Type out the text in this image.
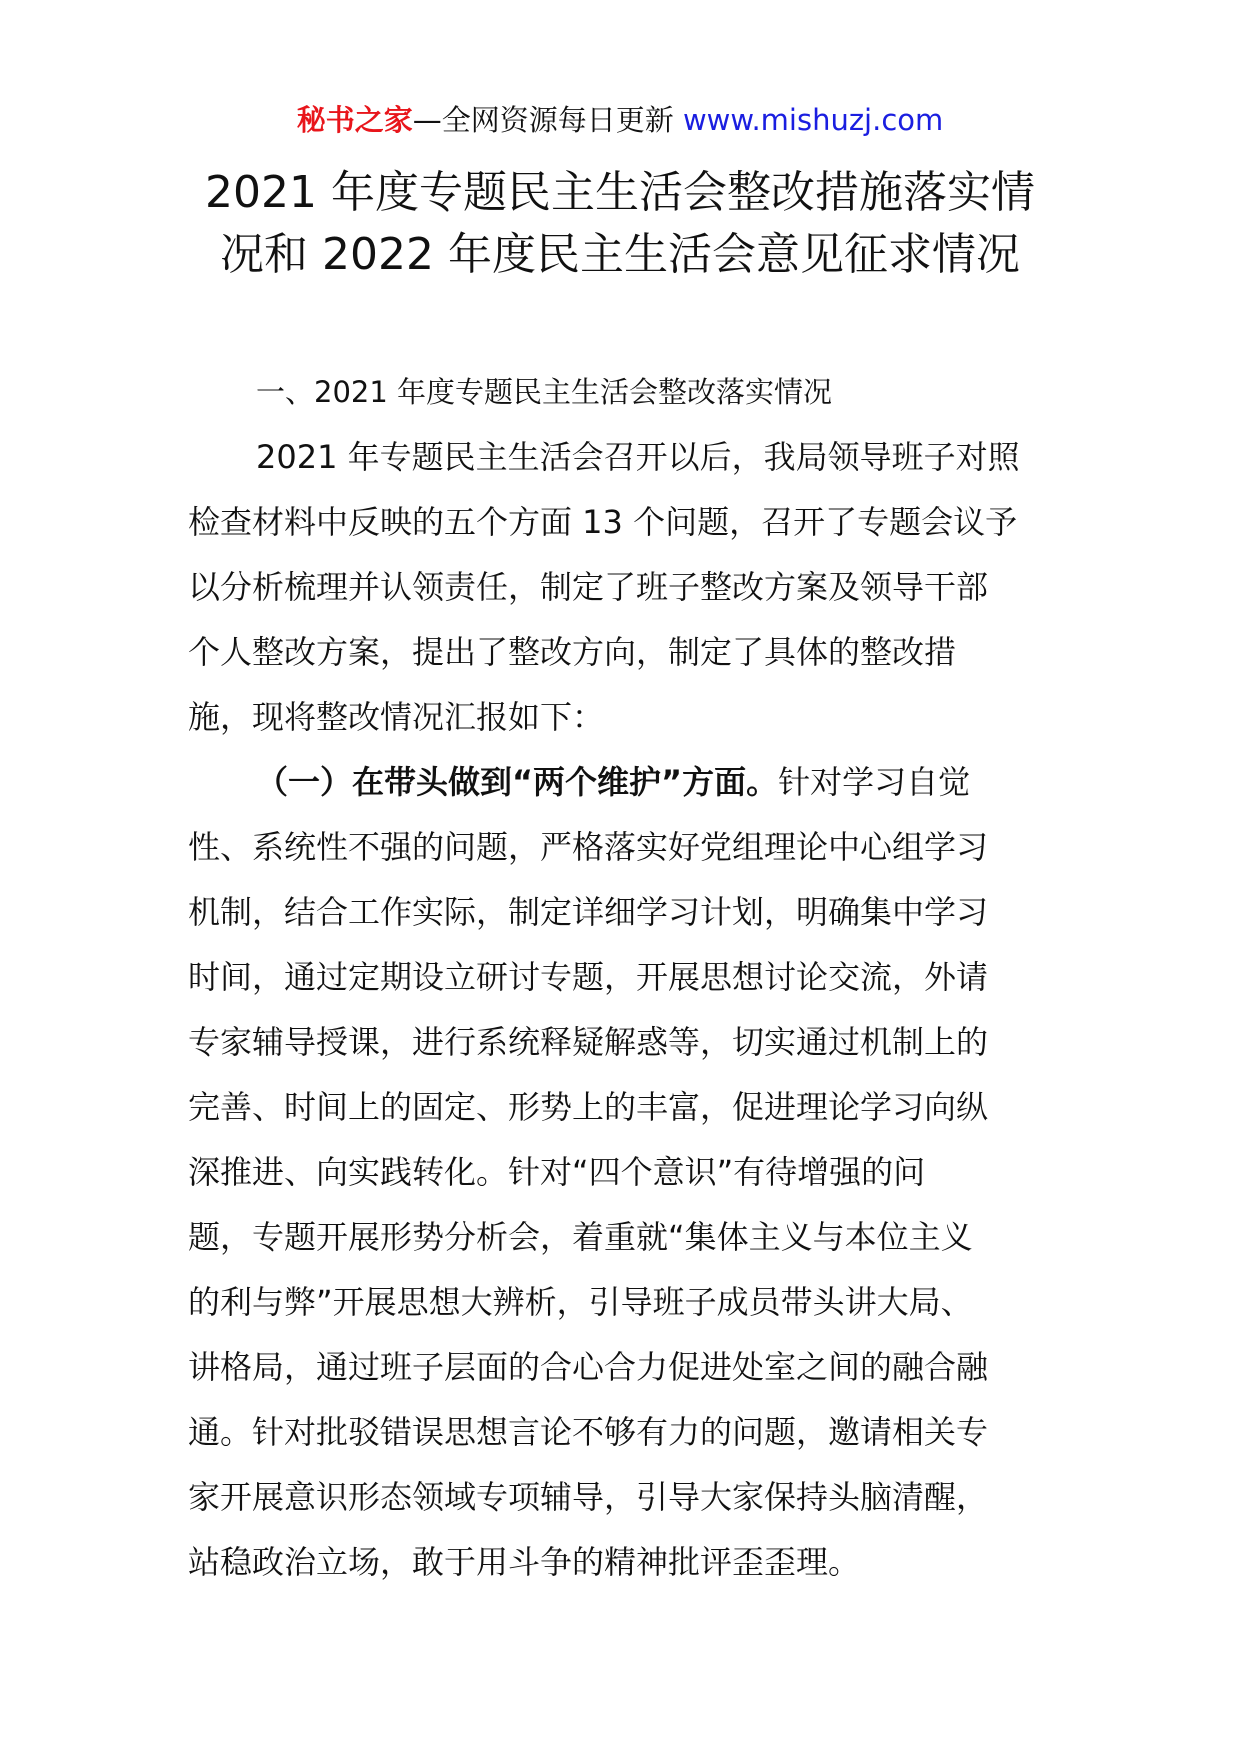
秘书之家—全网资源每日更新 www.mishuzj.com
2021 年度专题民主生活会整改措施落实情
况和 2022 年度民主生活会意见征求情况
一、2021 年度专题民主生活会整改落实情况
2021 年专题民主生活会召开以后，我局领导班子对照
检查材料中反映的五个方面 13 个问题，召开了专题会议予
以分析梳理并认领责任，制定了班子整改方案及领导干部
个人整改方案，提出了整改方向，制定了具体的整改措
施，现将整改情况汇报如下：
（一）在带头做到“两个维护”方面。针对学习自觉
性、系统性不强的问题，严格落实好党组理论中心组学习
机制，结合工作实际，制定详细学习计划，明确集中学习
时间，通过定期设立研讨专题，开展思想讨论交流，外请
专家辅导授课，进行系统释疑解惑等，切实通过机制上的
完善、时间上的固定、形势上的丰富，促进理论学习向纵
深推进、向实践转化。针对“四个意识”有待增强的问
题，专题开展形势分析会，着重就“集体主义与本位主义
的利与弊”开展思想大辨析，引导班子成员带头讲大局、
讲格局，通过班子层面的合心合力促进处室之间的融合融
通。针对批驳错误思想言论不够有力的问题，邀请相关专
家开展意识形态领域专项辅导，引导大家保持头脑清醒，
站稳政治立场，敢于用斗争的精神批评歪歪理。
